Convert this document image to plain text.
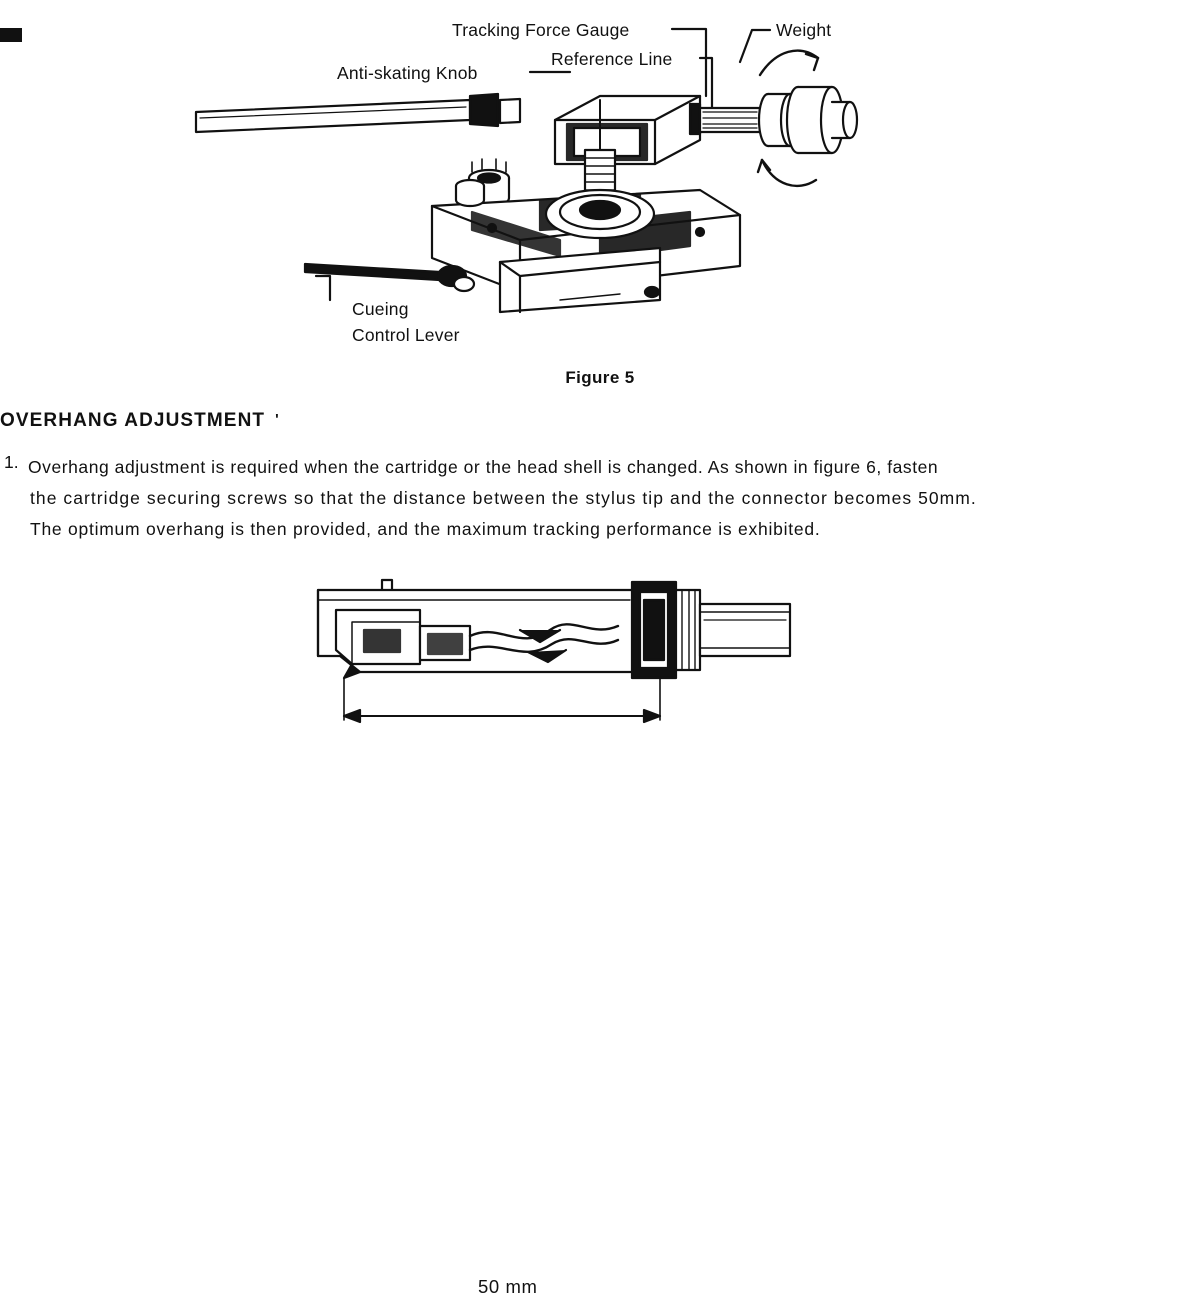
Anti-skating Knob
Tracking Force Gauge
Reference Line
Weight
Cueing
Control Lever
Figure 5
OVERHANG ADJUSTMENT '
1. Overhang adjustment is required when the cartridge or the head shell is changed. As shown in figure 6, fasten
the cartridge securing screws so that the distance between the stylus tip and the connector becomes 50mm.
The optimum overhang is then provided, and the maximum tracking performance is exhibited.
50 mm
